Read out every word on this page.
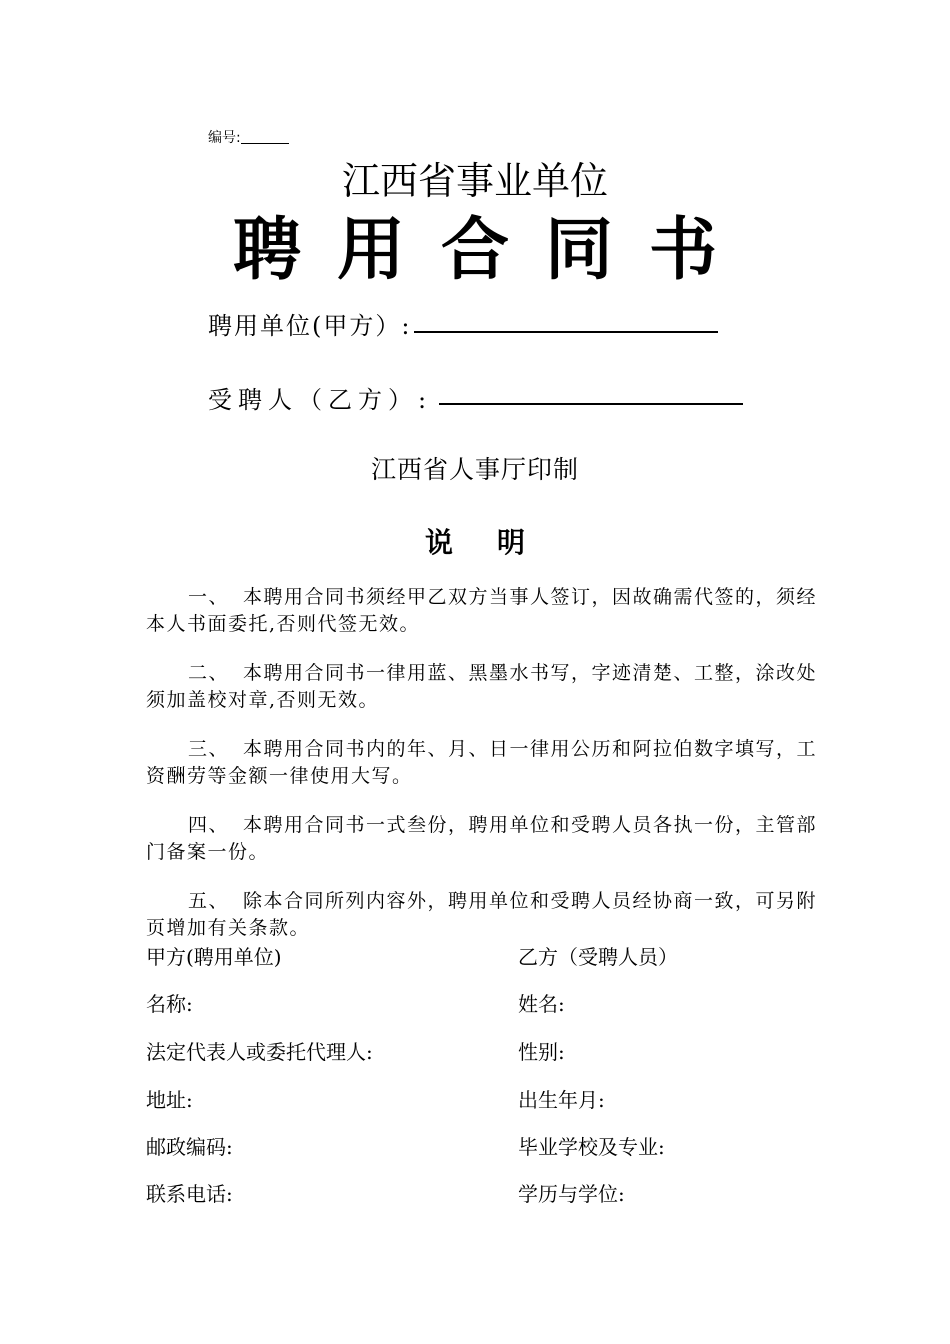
编号:
江西省事业单位
聘用合同书
聘用单位(甲方）:
受聘人（乙方）:
江西省人事厅印制
说明

一、 本聘用合同书须经甲乙双方当事人签订，因故确需代签的，须经本人书面委托,否则代签无效。

二、 本聘用合同书一律用蓝、黑墨水书写，字迹清楚、工整，涂改处须加盖校对章,否则无效。

三、 本聘用合同书内的年、月、日一律用公历和阿拉伯数字填写，工资酬劳等金额一律使用大写。

四、 本聘用合同书一式叁份，聘用单位和受聘人员各执一份，主管部门备案一份。

五、 除本合同所列内容外，聘用单位和受聘人员经协商一致，可另附页增加有关条款。

甲方(聘用单位)
名称:
法定代表人或委托代理人:
地址:
邮政编码:
联系电话:
乙方（受聘人员）
姓名:
性别:
出生年月:
毕业学校及专业:
学历与学位:
